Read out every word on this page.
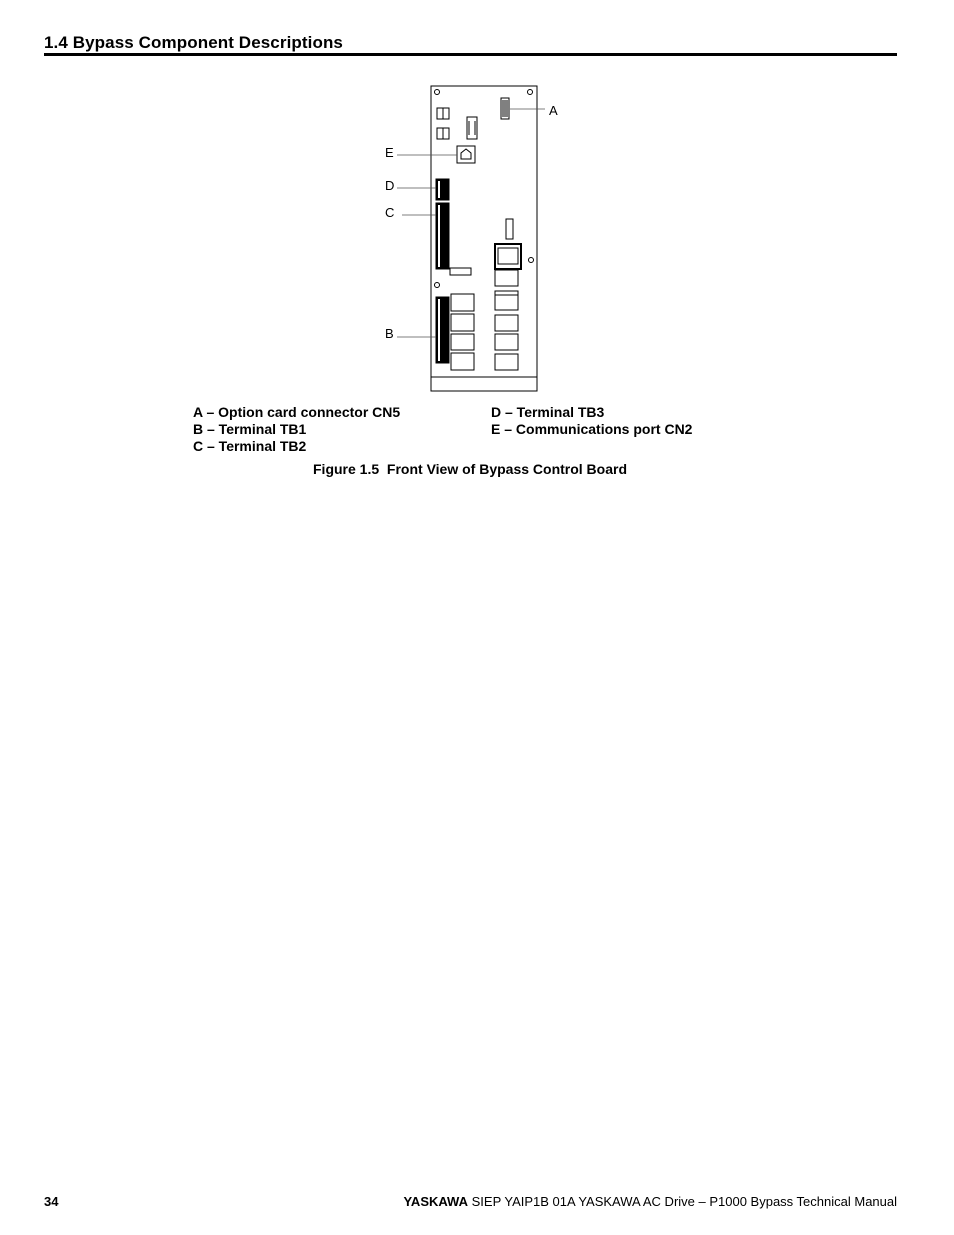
1.4 Bypass Component Descriptions
A
E
D
C
B
A – Option card connector CN5
B – Terminal TB1
C – Terminal TB2
D – Terminal TB3
E – Communications port CN2
Figure 1.5  Front View of Bypass Control Board
34	YASKAWA SIEP YAIP1B 01A YASKAWA AC Drive – P1000 Bypass Technical Manual
